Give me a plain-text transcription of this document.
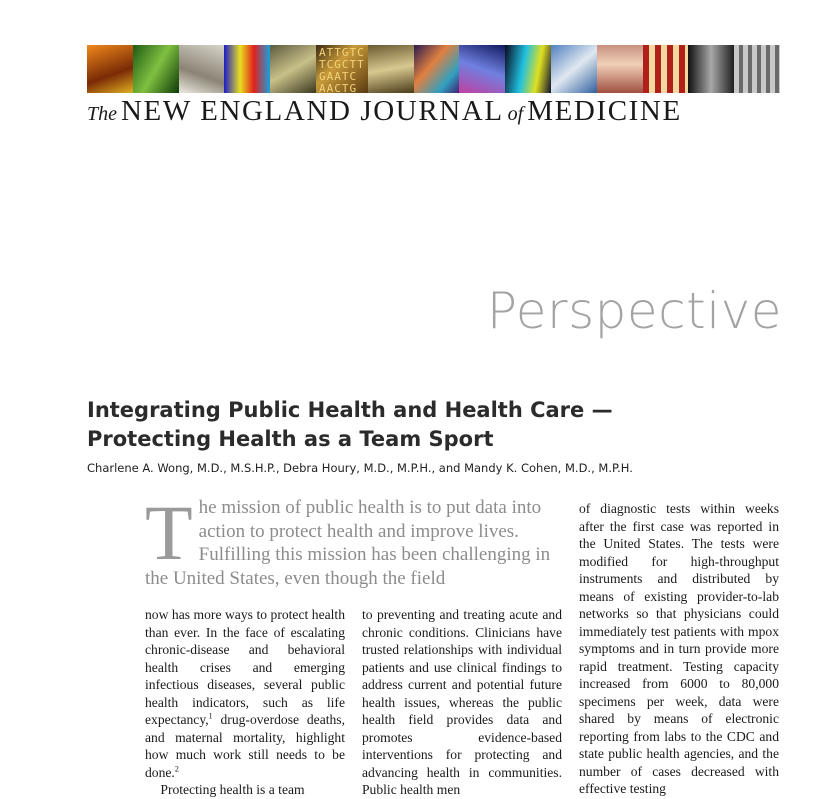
ATTGTC
TCGCTT
GAATC
AACTG
The NEW ENGLAND JOURNAL of MEDICINE
Perspective
Integrating Public Health and Health Care —
Protecting Health as a Team Sport
Charlene A. Wong, M.D., M.S.H.P., Debra Houry, M.D., M.P.H., and Mandy K. Cohen, M.D., M.P.H.
T he mission of public health is to put data into action to protect health and improve lives. Fulfilling this mission has been challenging in the United States, even though the field
now has more ways to protect health than ever. In the face of escalating chronic-disease and behavioral health crises and emerging infectious diseases, several public health indicators, such as life expectancy,$^1$ drug-overdose deaths, and maternal mortality, highlight how much work still needs to be done.$^2$
Protecting health is a team
to preventing and treating acute and chronic conditions. Clinicians have trusted relationships with individual patients and use clinical findings to address current and potential future health issues, whereas the public health field provides data and promotes evidence-based interventions for protecting and advancing health in communities. Public health men
of diagnostic tests within weeks after the first case was reported in the United States. The tests were modified for high-throughput instruments and distributed by means of existing provider-to-lab networks so that physicians could immediately test patients with mpox symptoms and in turn provide more rapid treatment. Testing capacity increased from 6000 to 80,000 specimens per week, data were shared by means of electronic reporting from labs to the CDC and state public health agencies, and the number of cases decreased with effective testing
